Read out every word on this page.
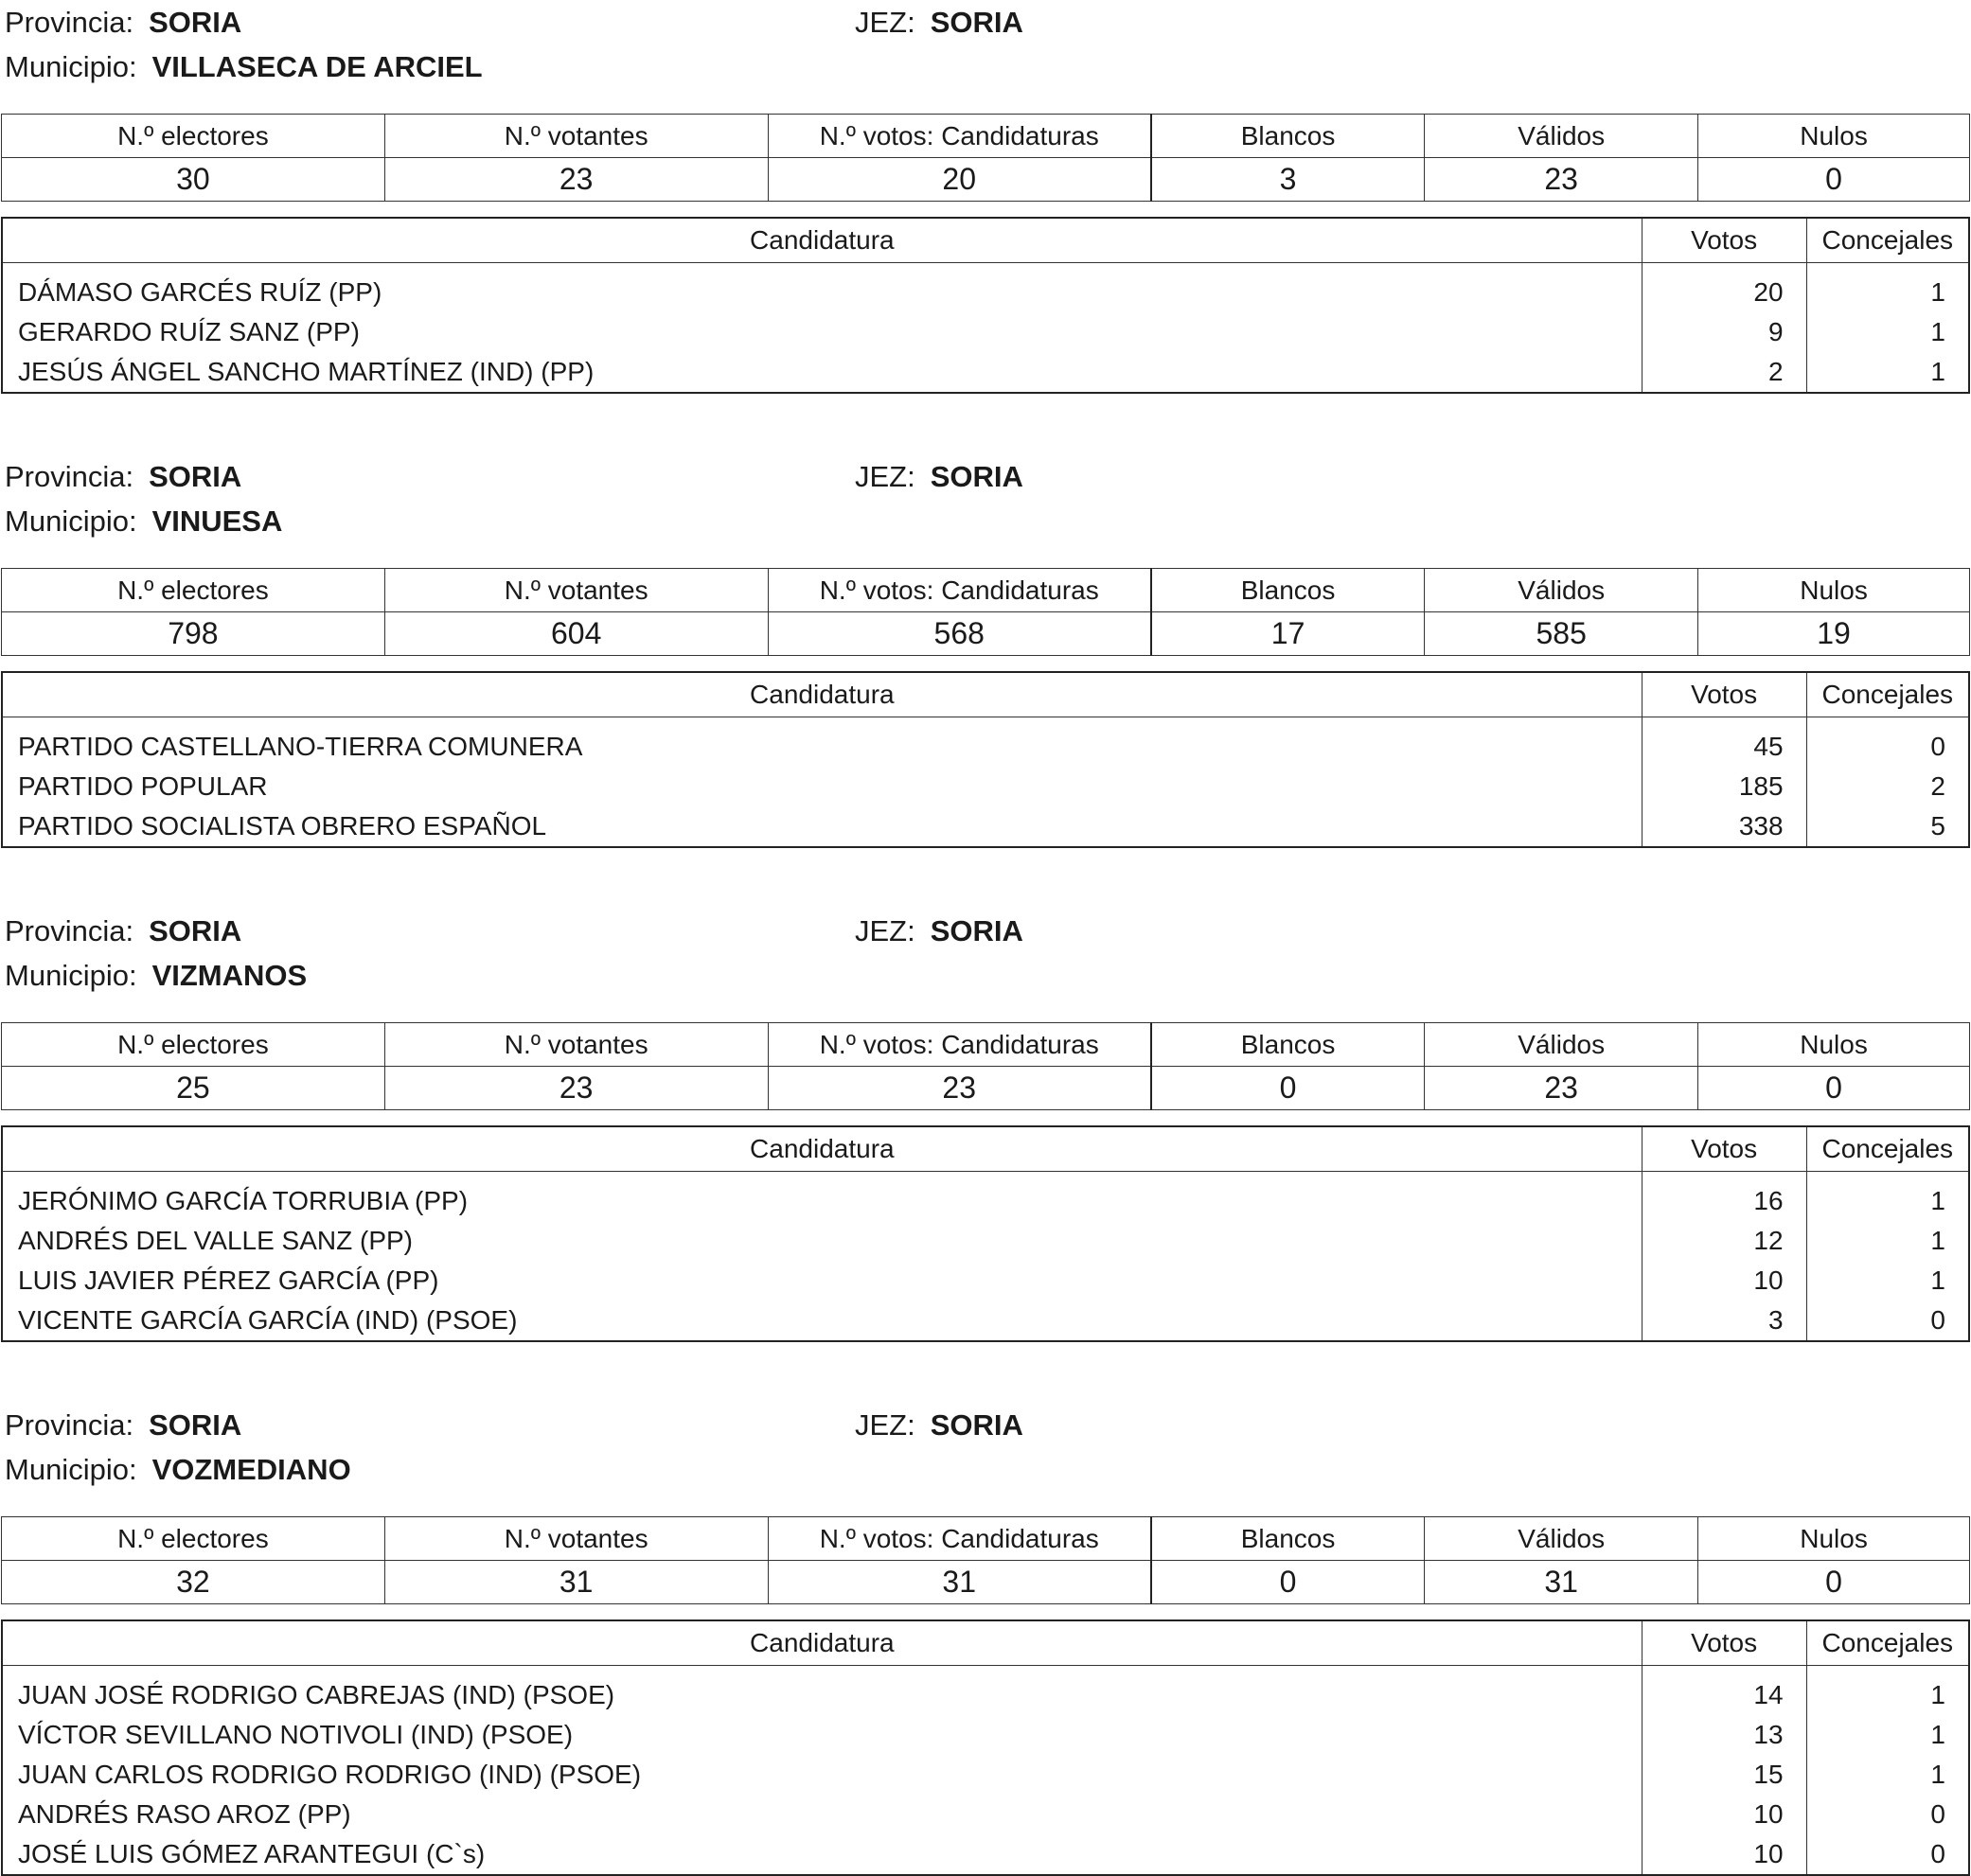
Provincia: SORIA
Municipio: VILLASECA DE ARCIEL
JEZ: SORIA
N.º electores	N.º votantes	N.º votos: Candidaturas	Blancos	Válidos	Nulos
30	23	20	3	23	0
Candidatura	Votos	Concejales
DÁMASO GARCÉS RUÍZ (PP)	20	1
GERARDO RUÍZ SANZ (PP)	9	1
JESÚS ÁNGEL SANCHO MARTÍNEZ (IND) (PP)	2	1
Provincia: SORIA
Municipio: VINUESA
JEZ: SORIA
N.º electores	N.º votantes	N.º votos: Candidaturas	Blancos	Válidos	Nulos
798	604	568	17	585	19
Candidatura	Votos	Concejales
PARTIDO CASTELLANO-TIERRA COMUNERA	45	0
PARTIDO POPULAR	185	2
PARTIDO SOCIALISTA OBRERO ESPAÑOL	338	5
Provincia: SORIA
Municipio: VIZMANOS
JEZ: SORIA
N.º electores	N.º votantes	N.º votos: Candidaturas	Blancos	Válidos	Nulos
25	23	23	0	23	0
Candidatura	Votos	Concejales
JERÓNIMO GARCÍA TORRUBIA (PP)	16	1
ANDRÉS DEL VALLE SANZ (PP)	12	1
LUIS JAVIER PÉREZ GARCÍA (PP)	10	1
VICENTE GARCÍA GARCÍA (IND) (PSOE)	3	0
Provincia: SORIA
Municipio: VOZMEDIANO
JEZ: SORIA
N.º electores	N.º votantes	N.º votos: Candidaturas	Blancos	Válidos	Nulos
32	31	31	0	31	0
Candidatura	Votos	Concejales
JUAN JOSÉ RODRIGO CABREJAS (IND) (PSOE)	14	1
VÍCTOR SEVILLANO NOTIVOLI (IND) (PSOE)	13	1
JUAN CARLOS RODRIGO RODRIGO (IND) (PSOE)	15	1
ANDRÉS RASO AROZ (PP)	10	0
JOSÉ LUIS GÓMEZ ARANTEGUI (C`s)	10	0
